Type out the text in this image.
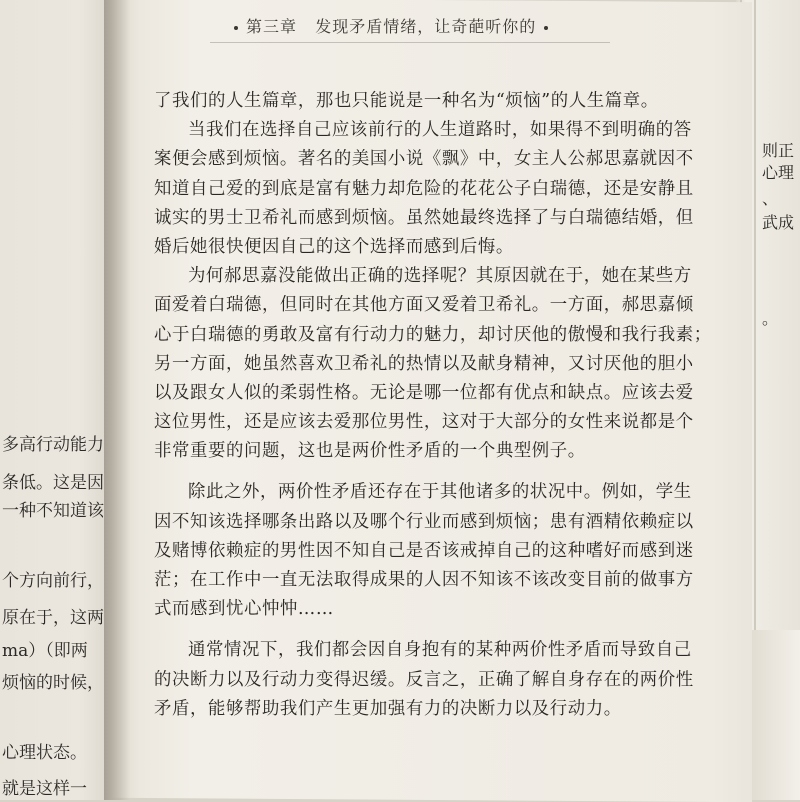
多高行动能力
条低。这是因
一种不知道该
个方向前行，
原在于，这两
ma）（即两
烦恼的时候，
心理状态。
就是这样一
则正
心理
、
武成
。
第三章 发现矛盾情绪，让奇葩听你的
了我们的人生篇章，那也只能说是一种名为“烦恼”的人生篇章。
当我们在选择自己应该前行的人生道路时，如果得不到明确的答
案便会感到烦恼。著名的美国小说《飘》中，女主人公郝思嘉就因不
知道自己爱的到底是富有魅力却危险的花花公子白瑞德，还是安静且
诚实的男士卫希礼而感到烦恼。虽然她最终选择了与白瑞德结婚，但
婚后她很快便因自己的这个选择而感到后悔。
为何郝思嘉没能做出正确的选择呢？其原因就在于，她在某些方
面爱着白瑞德，但同时在其他方面又爱着卫希礼。一方面，郝思嘉倾
心于白瑞德的勇敢及富有行动力的魅力，却讨厌他的傲慢和我行我素；
另一方面，她虽然喜欢卫希礼的热情以及献身精神，又讨厌他的胆小
以及跟女人似的柔弱性格。无论是哪一位都有优点和缺点。应该去爱
这位男性，还是应该去爱那位男性，这对于大部分的女性来说都是个
非常重要的问题，这也是两价性矛盾的一个典型例子。
除此之外，两价性矛盾还存在于其他诸多的状况中。例如，学生
因不知该选择哪条出路以及哪个行业而感到烦恼；患有酒精依赖症以
及赌博依赖症的男性因不知自己是否该戒掉自己的这种嗜好而感到迷
茫；在工作中一直无法取得成果的人因不知该不该改变目前的做事方
式而感到忧心忡忡……
通常情况下，我们都会因自身抱有的某种两价性矛盾而导致自己
的决断力以及行动力变得迟缓。反言之，正确了解自身存在的两价性
矛盾，能够帮助我们产生更加强有力的决断力以及行动力。
